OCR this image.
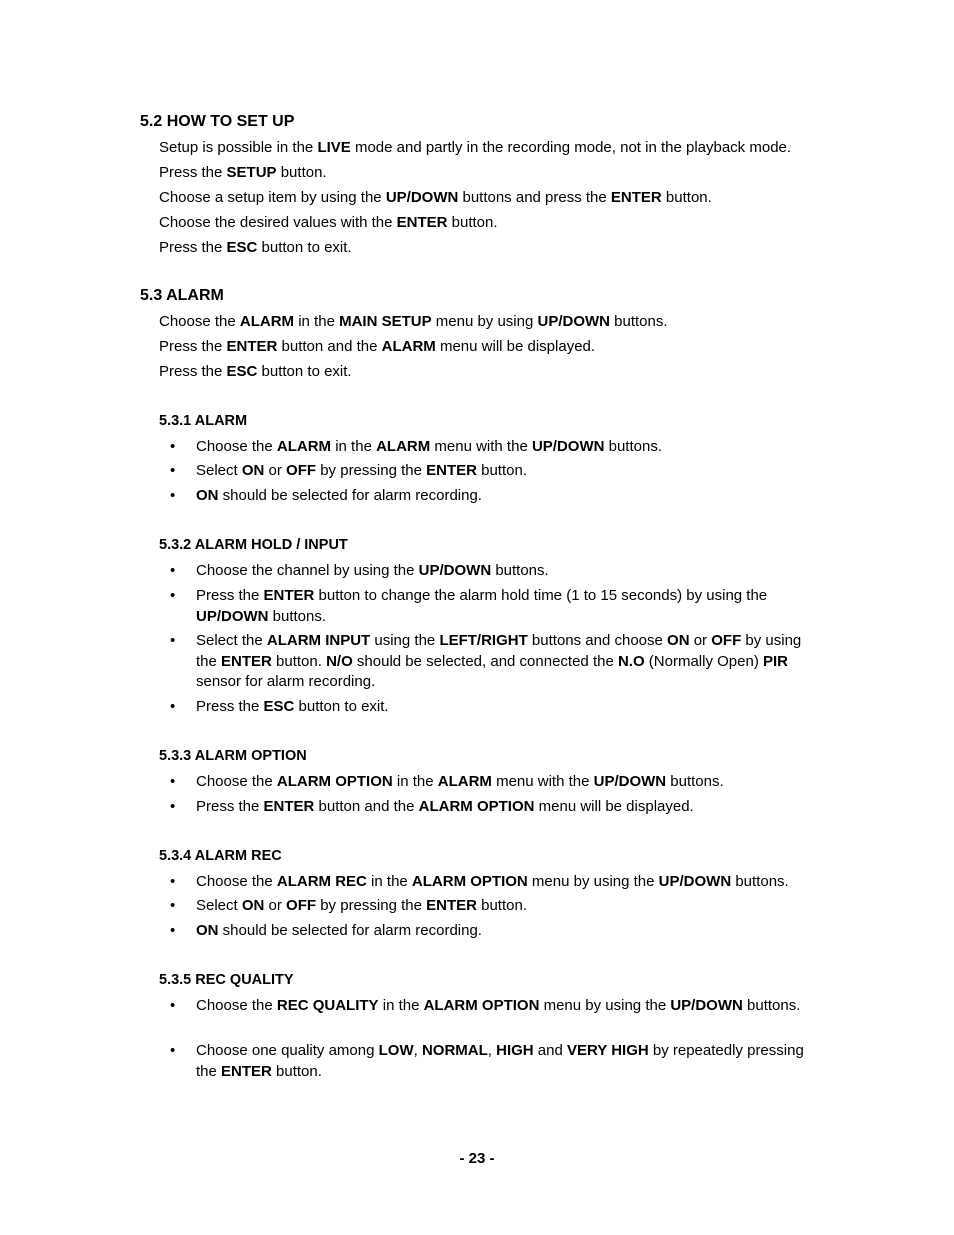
5.2 HOW TO SET UP

Setup is possible in the LIVE mode and partly in the recording mode, not in the playback mode.

Press the SETUP button.

Choose a setup item by using the UP/DOWN buttons and press the ENTER button.

Choose the desired values with the ENTER button.

Press the ESC button to exit.

5.3 ALARM

Choose the ALARM in the MAIN SETUP menu by using UP/DOWN buttons.

Press the ENTER button and the ALARM menu will be displayed.

Press the ESC button to exit.

5.3.1 ALARM
• Choose the ALARM in the ALARM menu with the UP/DOWN buttons.
• Select ON or OFF by pressing the ENTER button.
• ON should be selected for alarm recording.
5.3.2 ALARM HOLD / INPUT
• Choose the channel by using the UP/DOWN buttons.
• Press the ENTER button to change the alarm hold time (1 to 15 seconds) by using the UP/DOWN buttons.
• Select the ALARM INPUT using the LEFT/RIGHT buttons and choose ON or OFF by using the ENTER button. N/O should be selected, and connected the N.O (Normally Open) PIR sensor for alarm recording.
• Press the ESC button to exit.
5.3.3 ALARM OPTION
• Choose the ALARM OPTION in the ALARM menu with the UP/DOWN buttons.
• Press the ENTER button and the ALARM OPTION menu will be displayed.
5.3.4 ALARM REC
• Choose the ALARM REC in the ALARM OPTION menu by using the UP/DOWN buttons.
• Select ON or OFF by pressing the ENTER button.
• ON should be selected for alarm recording.
5.3.5 REC QUALITY
• Choose the REC QUALITY in the ALARM OPTION menu by using the UP/DOWN buttons.
• Choose one quality among LOW, NORMAL, HIGH and VERY HIGH by repeatedly pressing the ENTER button.
- 23 -
